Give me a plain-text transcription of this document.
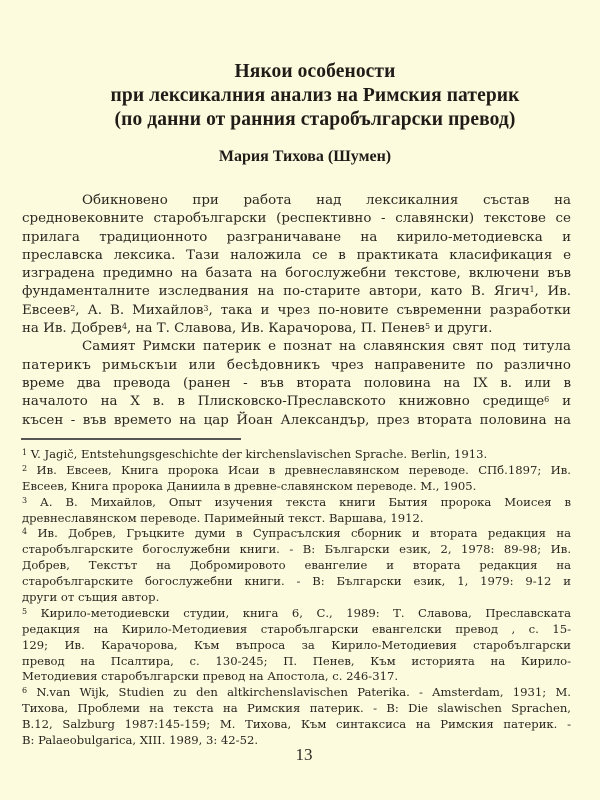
Някои особености
при лексикалния анализ на Римския патерик
(по данни от ранния старобългарски превод)
Мария Тихова (Шумен)
Обикновено при работа над лексикалния състав на
средновековните старобългарски (респективно - славянски) текстове се
прилага традиционното разграничаване на кирило-методиевска и
преславска лексика. Тази наложила се в практиката класификация е
изградена предимно на базата на богослужебни текстове, включени във
фундаменталните изследвания на по-старите автори, като В. Ягич$^1$, Ив.
Евсеев$^2$, А. В. Михайлов$^3$, така и чрез по-новите съвременни разработки
на Ив. Добрев$^4$, на Т. Славова, Ив. Карачорова, П. Пенев$^5$ и други.
Самият Римски патерик е познат на славянския свят под титула
патерикъ римьскъıи или бесѣдовникъ чрез направените по различно
време два превода (ранен - във втората половина на IX в. или в
началото на X в. в Плисковско-Преславското книжовно средище$^6$ и
късен - във времето на цар Йоан Александър, през втората половина на
$^1$ V. Jagič, Entstehungsgeschichte der kirchenslavischen Sprache. Berlin, 1913.
$^2$ Ив. Евсеев, Книга пророка Исаи в древнеславянском переводе. СПб.1897; Ив.
Евсеев, Книга пророка Даниила в древне-славянском переводе. М., 1905.
$^3$ А. В. Михайлов, Опыт изучения текста книги Бытия пророка Моисея в
древнеславянском переводе. Паримейный текст. Варшава, 1912.
$^4$ Ив. Добрев, Гръцките думи в Супрасълския сборник и втората редакция на
старобългарските богослужебни книги. - В: Български език, 2, 1978: 89-98; Ив.
Добрев, Текстът на Добромировото евангелие и втората редакция на
старобългарските богослужебни книги. - В: Български език, 1, 1979: 9-12 и
други от същия автор.
$^5$ Кирило-методиевски студии, книга 6, С., 1989: Т. Славова, Преславската
редакция на Кирило-Методиевия старобългарски евангелски превод , с. 15-
129; Ив. Карачорова, Към въпроса за Кирило-Методиевия старобългарски
превод на Псалтира, с. 130-245; П. Пенев, Към историята на Кирило-
Методиевия старобългарски превод на Апостола, с. 246-317.
$^6$ N.van Wijk, Studien zu den altkirchenslavischen Paterika. - Amsterdam, 1931; М.
Тихова, Проблеми на текста на Римския патерик. - В: Die slawischen Sprachen,
B.12, Salzburg 1987:145-159; М. Тихова, Към синтаксиса на Римския патерик. -
В: Palaeobulgarica, XIII. 1989, 3: 42-52.
13
